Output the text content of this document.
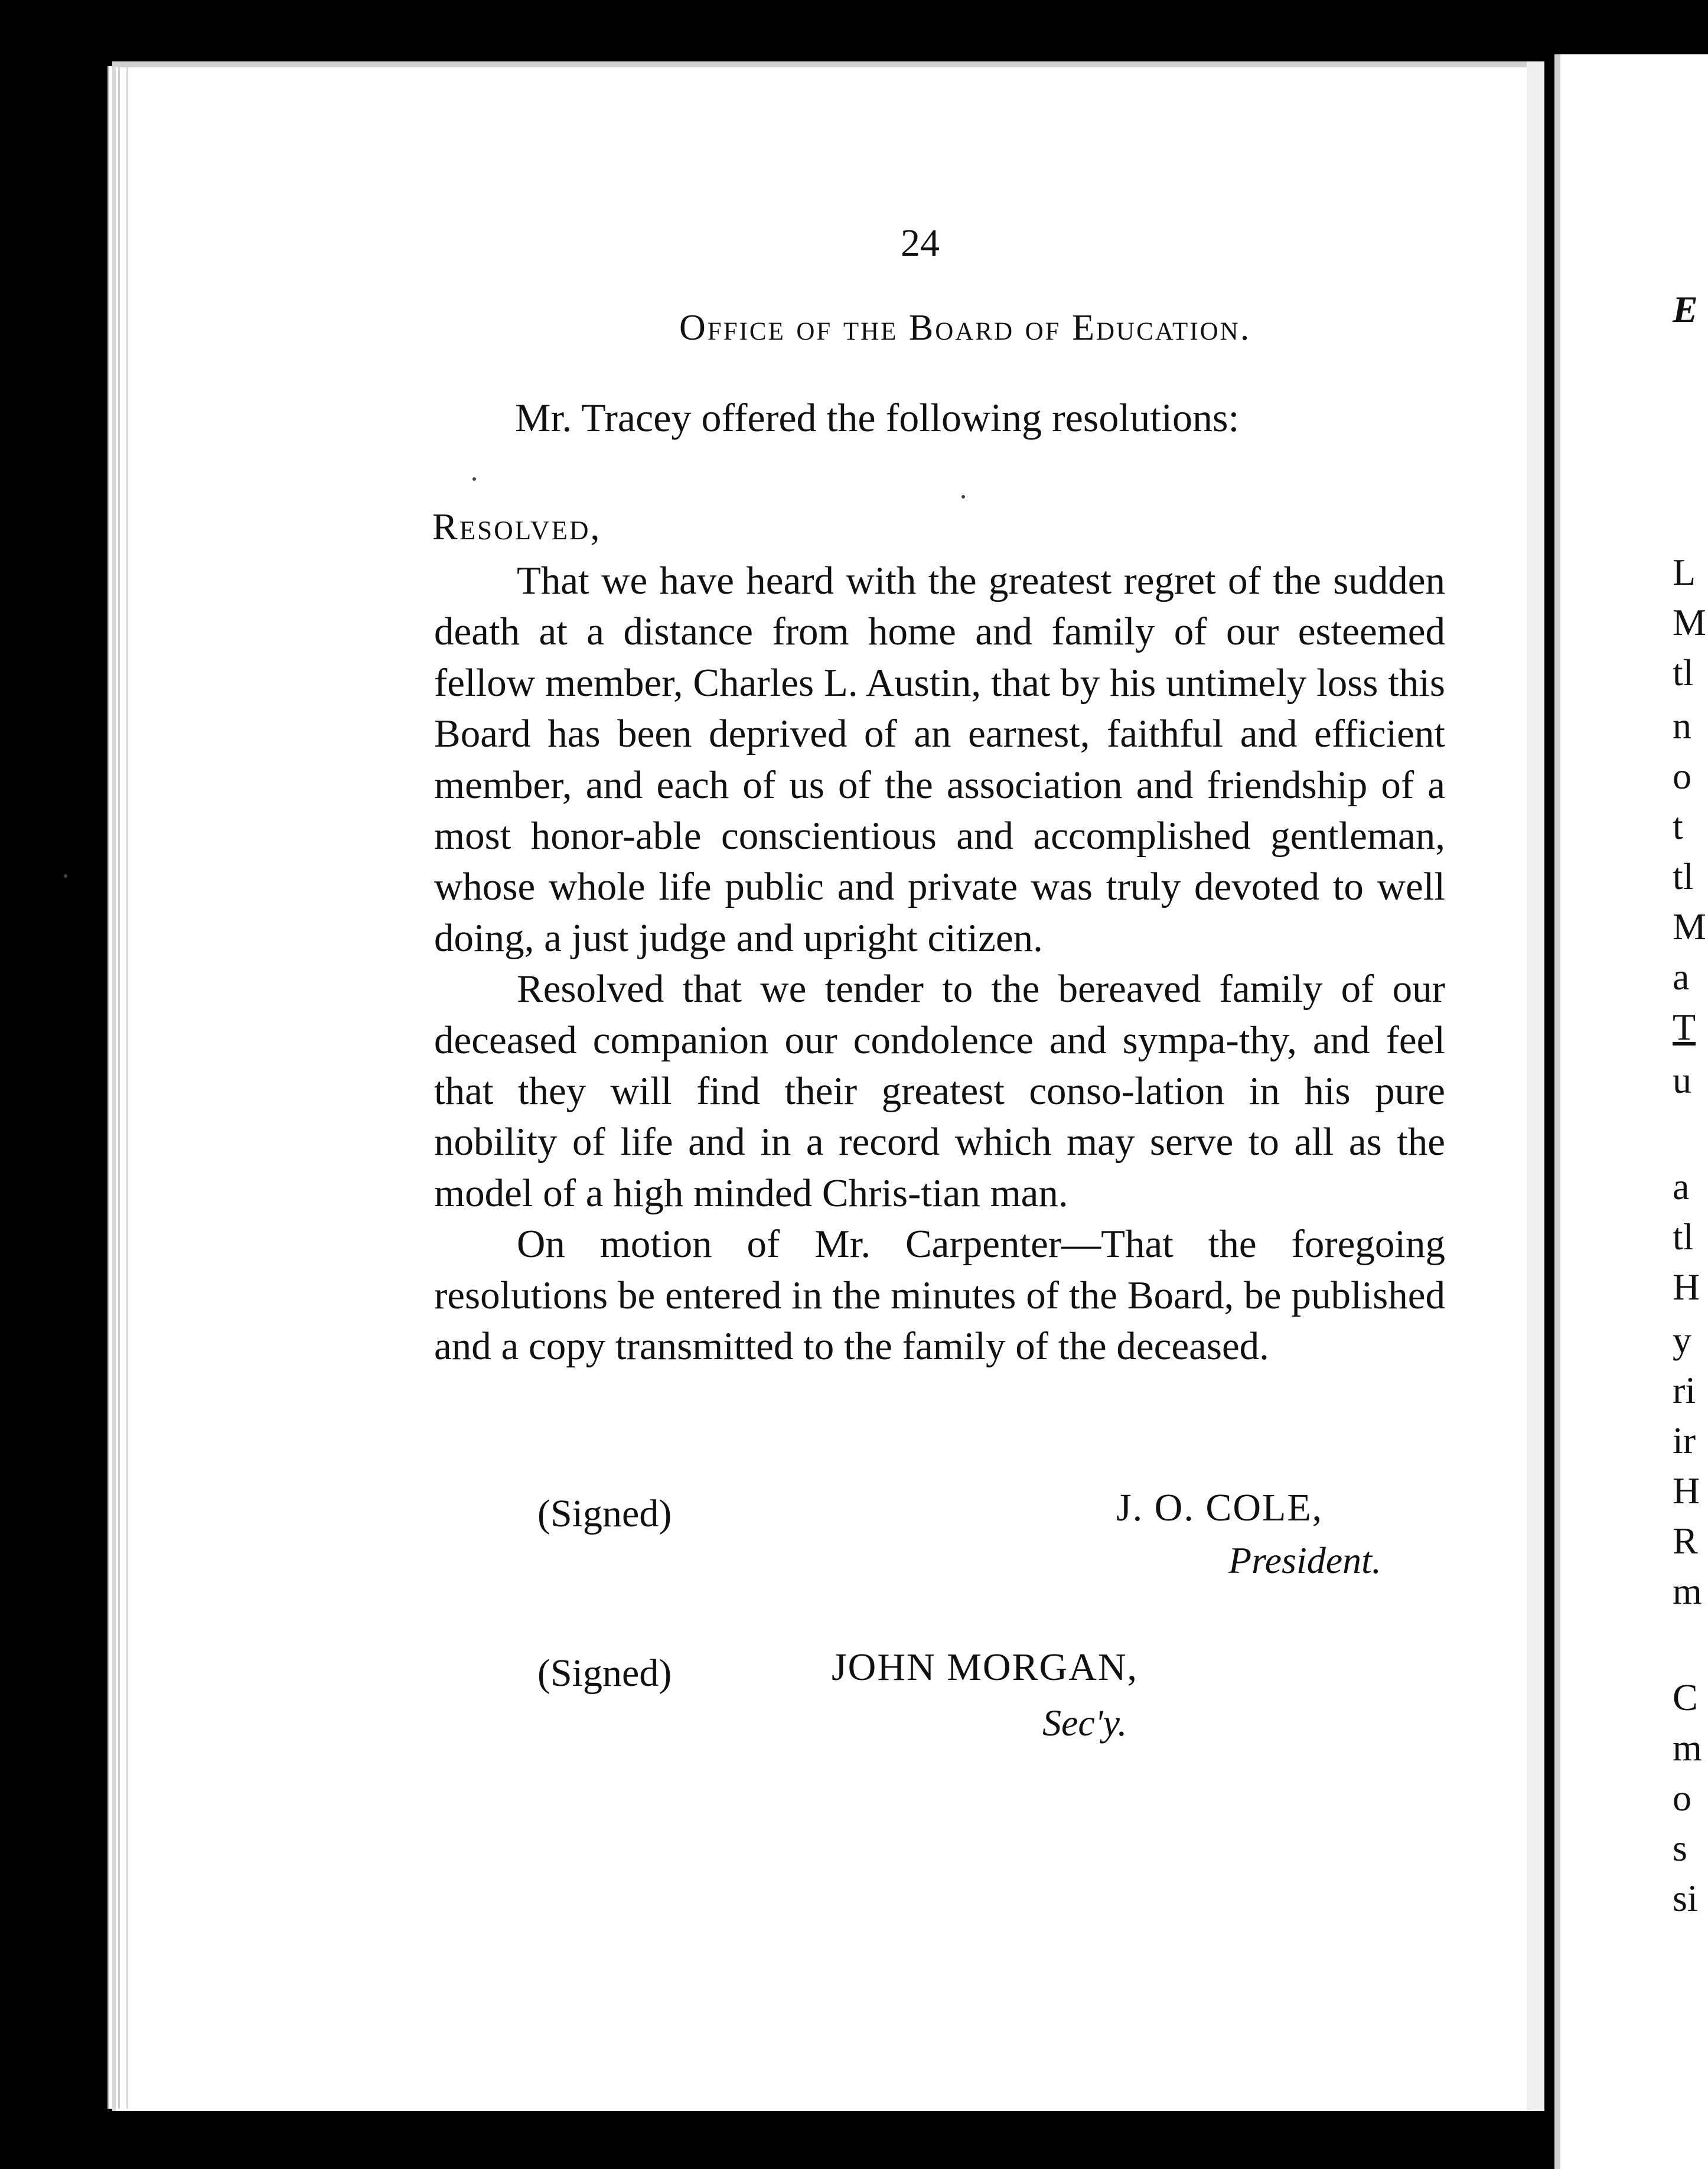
E
L
M
tl
n
o
t
tl
M
a
T
u
a
tl
H
y
ri
ir
H
R
m
C
m
o
s
si
24
Office of the Board of Education.
Mr. Tracey offered the following resolutions:
Resolved,

That we have heard with the greatest regret of the sudden death at a distance from home and family of our esteemed fellow member, Charles L. Austin, that by his untimely loss this Board has been deprived of an earnest, faithful and efficient member, and each of us of the association and friendship of a most honor-able conscientious and accomplished gentleman, whose whole life public and private was truly devoted to well doing, a just judge and upright citizen.

Resolved that we tender to the bereaved family of our deceased companion our condolence and sympa-thy, and feel that they will find their greatest conso-lation in his pure nobility of life and in a record which may serve to all as the model of a high minded Chris-tian man.

On motion of Mr. Carpenter—That the foregoing resolutions be entered in the minutes of the Board, be published and a copy transmitted to the family of the deceased.

(Signed)	J. O. COLE,
President.
(Signed)	JOHN MORGAN,
Sec'y.
